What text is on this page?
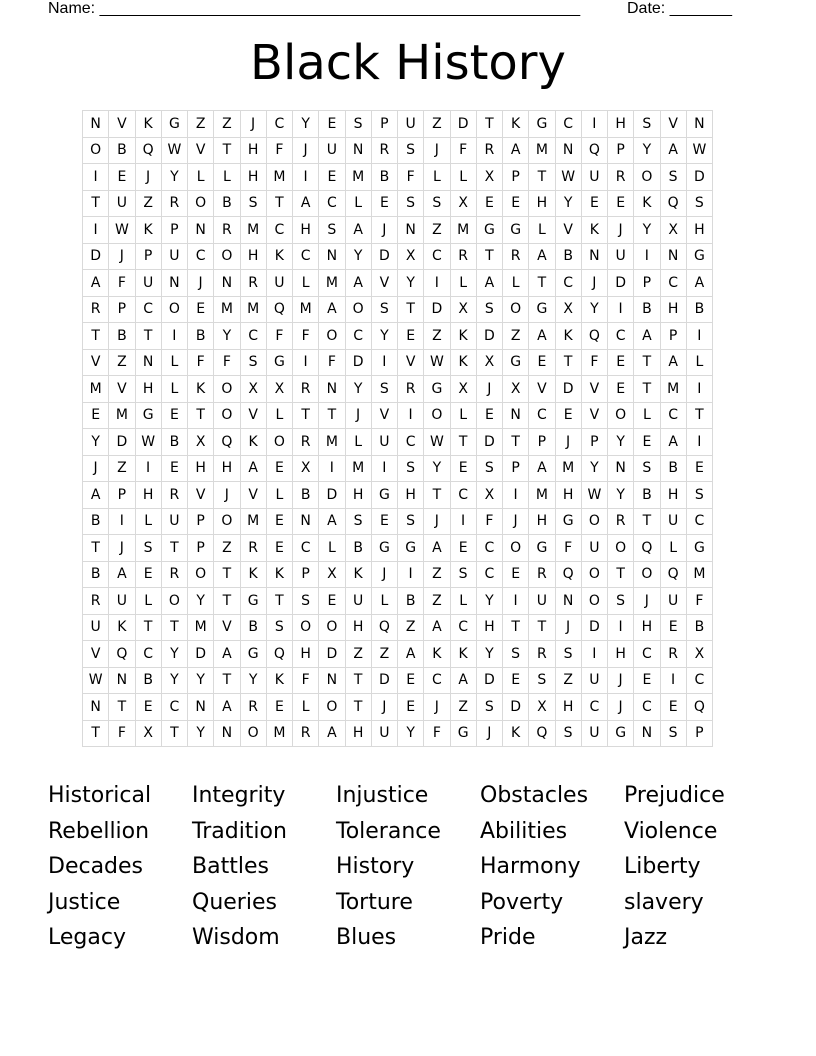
Name: ______________________________________________________	Date: _______
Black History
N	V	K	G	Z	Z	J	C	Y	E	S	P	U	Z	D	T	K	G	C	I	H	S	V	N
O	B	Q	W	V	T	H	F	J	U	N	R	S	J	F	R	A	M	N	Q	P	Y	A	W
I	E	J	Y	L	L	H	M	I	E	M	B	F	L	L	X	P	T	W	U	R	O	S	D
T	U	Z	R	O	B	S	T	A	C	L	E	S	S	X	E	E	H	Y	E	E	K	Q	S
I	W	K	P	N	R	M	C	H	S	A	J	N	Z	M	G	G	L	V	K	J	Y	X	H
D	J	P	U	C	O	H	K	C	N	Y	D	X	C	R	T	R	A	B	N	U	I	N	G
A	F	U	N	J	N	R	U	L	M	A	V	Y	I	L	A	L	T	C	J	D	P	C	A
R	P	C	O	E	M	M	Q	M	A	O	S	T	D	X	S	O	G	X	Y	I	B	H	B
T	B	T	I	B	Y	C	F	F	O	C	Y	E	Z	K	D	Z	A	K	Q	C	A	P	I
V	Z	N	L	F	F	S	G	I	F	D	I	V	W	K	X	G	E	T	F	E	T	A	L
M	V	H	L	K	O	X	X	R	N	Y	S	R	G	X	J	X	V	D	V	E	T	M	I
E	M	G	E	T	O	V	L	T	T	J	V	I	O	L	E	N	C	E	V	O	L	C	T
Y	D	W	B	X	Q	K	O	R	M	L	U	C	W	T	D	T	P	J	P	Y	E	A	I
J	Z	I	E	H	H	A	E	X	I	M	I	S	Y	E	S	P	A	M	Y	N	S	B	E
A	P	H	R	V	J	V	L	B	D	H	G	H	T	C	X	I	M	H	W	Y	B	H	S
B	I	L	U	P	O	M	E	N	A	S	E	S	J	I	F	J	H	G	O	R	T	U	C
T	J	S	T	P	Z	R	E	C	L	B	G	G	A	E	C	O	G	F	U	O	Q	L	G
B	A	E	R	O	T	K	K	P	X	K	J	I	Z	S	C	E	R	Q	O	T	O	Q	M
R	U	L	O	Y	T	G	T	S	E	U	L	B	Z	L	Y	I	U	N	O	S	J	U	F
U	K	T	T	M	V	B	S	O	O	H	Q	Z	A	C	H	T	T	J	D	I	H	E	B
V	Q	C	Y	D	A	G	Q	H	D	Z	Z	A	K	K	Y	S	R	S	I	H	C	R	X
W	N	B	Y	Y	T	Y	K	F	N	T	D	E	C	A	D	E	S	Z	U	J	E	I	C
N	T	E	C	N	A	R	E	L	O	T	J	E	J	Z	S	D	X	H	C	J	C	E	Q
T	F	X	T	Y	N	O	M	R	A	H	U	Y	F	G	J	K	Q	S	U	G	N	S	P
Historical	Integrity	Injustice	Obstacles	Prejudice
Rebellion	Tradition	Tolerance	Abilities	Violence
Decades	Battles	History	Harmony	Liberty
Justice	Queries	Torture	Poverty	slavery
Legacy	Wisdom	Blues	Pride	Jazz
